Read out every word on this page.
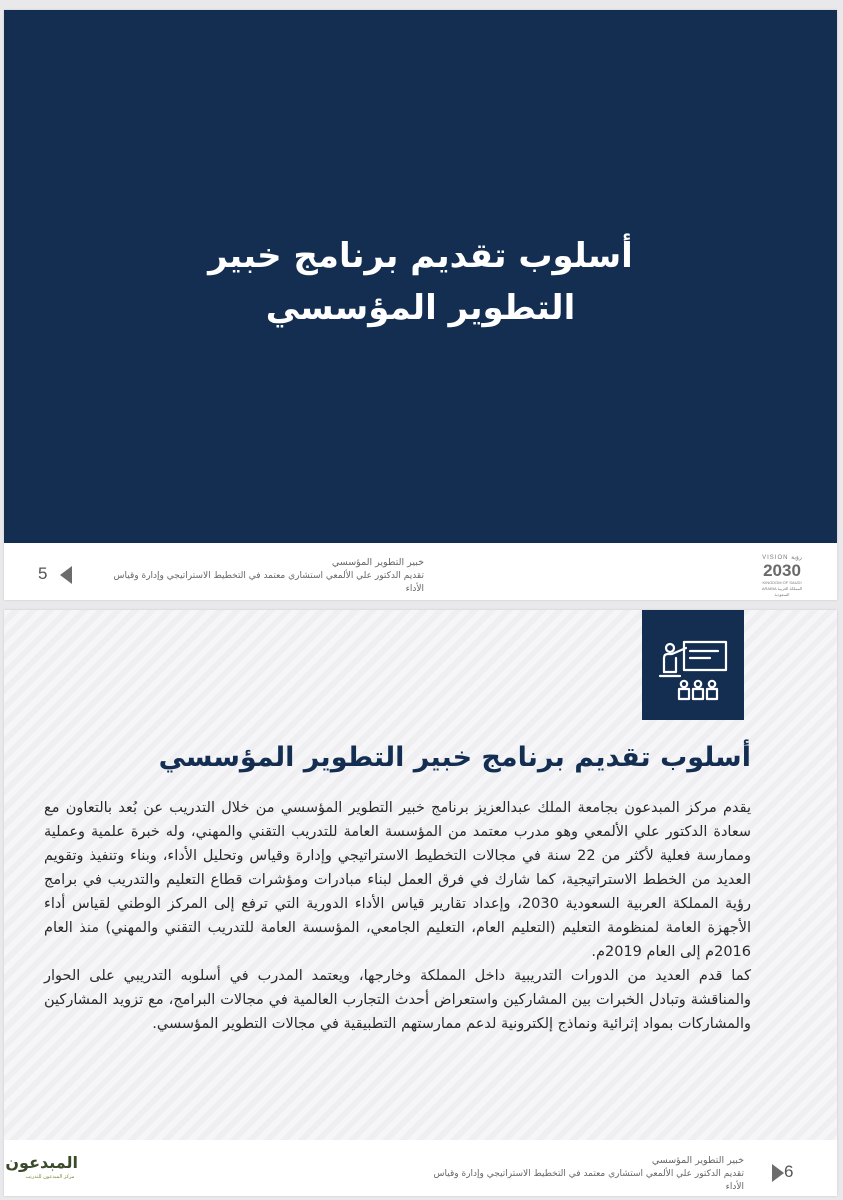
أسلوب تقديم برنامج خبير
التطوير المؤسسي
5
خبير التطوير المؤسسي
تقديم الدكتور علي الألمعي استشاري معتمد في التخطيط الاستراتيجي وإدارة وقياس الأداء
VISION رؤية
2030
KINGDOM OF SAUDI ARABIA المملكة العربية السعودية
أسلوب تقديم برنامج خبير التطوير المؤسسي

يقدم مركز المبدعون بجامعة الملك عبدالعزيز برنامج خبير التطوير المؤسسي من خلال التدريب عن بُعد بالتعاون مع سعادة الدكتور علي الألمعي وهو مدرب معتمد من المؤسسة العامة للتدريب التقني والمهني، وله خبرة علمية وعملية وممارسة فعلية لأكثر من 22 سنة في مجالات التخطيط الاستراتيجي وإدارة وقياس وتحليل الأداء، وبناء وتنفيذ وتقويم العديد من الخطط الاستراتيجية، كما شارك في فرق العمل لبناء مبادرات ومؤشرات قطاع التعليم والتدريب في برامج رؤية المملكة العربية السعودية 2030، وإعداد تقارير قياس الأداء الدورية التي ترفع إلى المركز الوطني لقياس أداء الأجهزة العامة لمنظومة التعليم (التعليم العام، التعليم الجامعي، المؤسسة العامة للتدريب التقني والمهني) منذ العام 2016م إلى العام 2019م.

كما قدم العديد من الدورات التدريبية داخل المملكة وخارجها، ويعتمد المدرب في أسلوبه التدريبي على الحوار والمناقشة وتبادل الخبرات بين المشاركين واستعراض أحدث التجارب العالمية في مجالات البرامج، مع تزويد المشاركين والمشاركات بمواد إثرائية ونماذج إلكترونية لدعم ممارستهم التطبيقية في مجالات التطوير المؤسسي.

المبدعون
مركز المبدعون للتدريب
خبير التطوير المؤسسي
تقديم الدكتور علي الألمعي استشاري معتمد في التخطيط الاستراتيجي وإدارة وقياس الأداء
6
